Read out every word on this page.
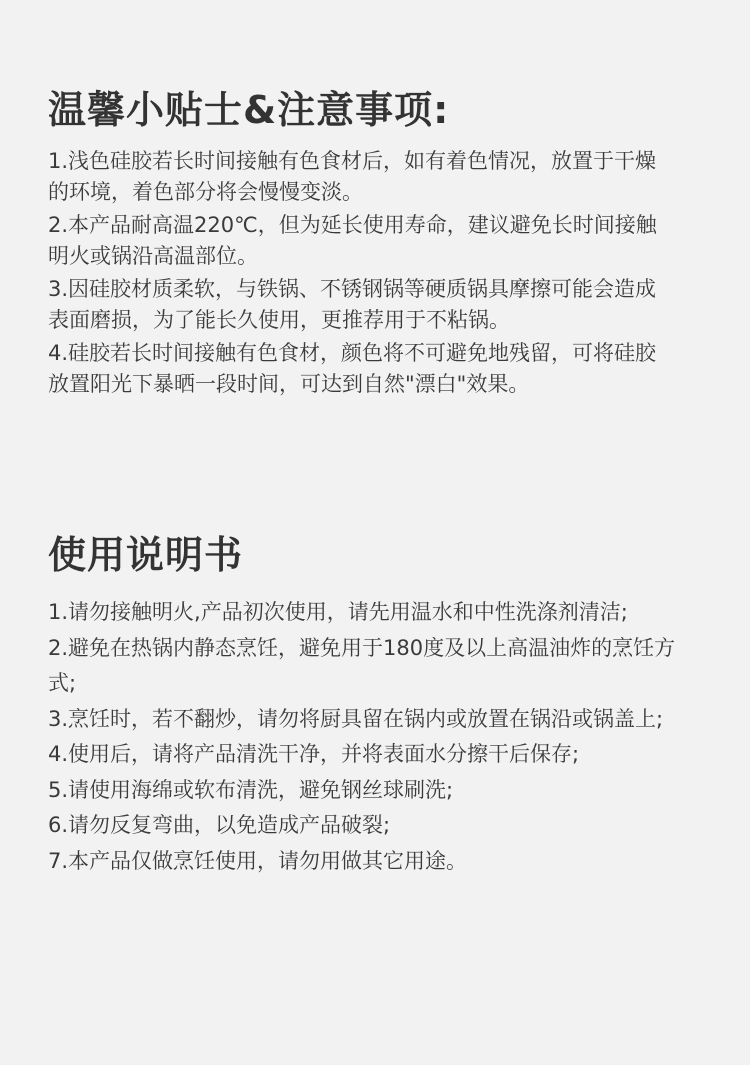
温馨小贴士&注意事项:
1.浅色硅胶若长时间接触有色食材后，如有着色情况，放置于干燥的环境，着色部分将会慢慢变淡。
2.本产品耐高温220℃，但为延长使用寿命，建议避免长时间接触明火或锅沿高温部位。
3.因硅胶材质柔软，与铁锅、不锈钢锅等硬质锅具摩擦可能会造成表面磨损，为了能长久使用，更推荐用于不粘锅。
4.硅胶若长时间接触有色食材，颜色将不可避免地残留，可将硅胶放置阳光下暴晒一段时间，可达到自然"漂白"效果。
使用说明书
1.请勿接触明火,产品初次使用，请先用温水和中性洗涤剂清洁;
2.避免在热锅内静态烹饪，避免用于180度及以上高温油炸的烹饪方式;
3.烹饪时，若不翻炒，请勿将厨具留在锅内或放置在锅沿或锅盖上;
4.使用后，请将产品清洗干净，并将表面水分擦干后保存;
5.请使用海绵或软布清洗，避免钢丝球刷洗;
6.请勿反复弯曲，以免造成产品破裂;
7.本产品仅做烹饪使用，请勿用做其它用途。
